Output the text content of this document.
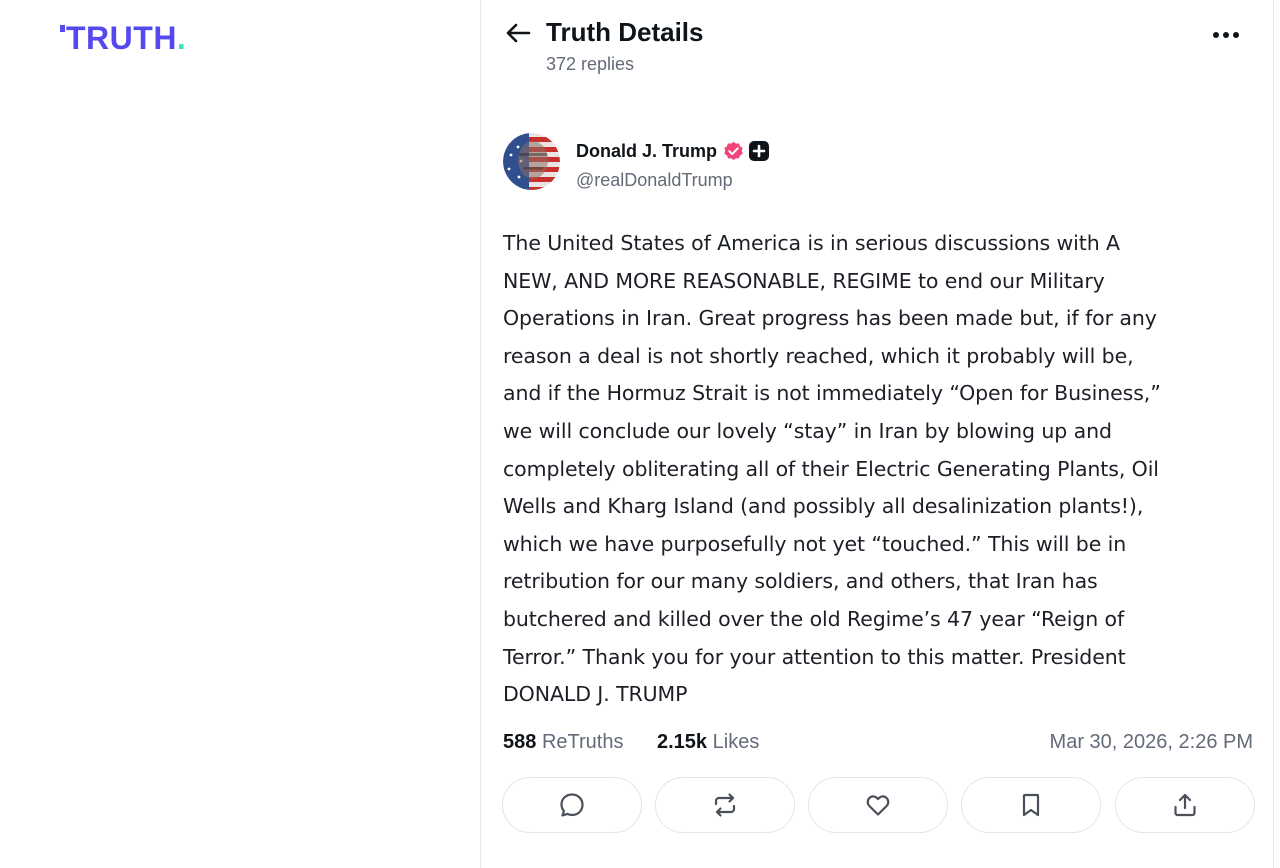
TRUTH.	Truth Details
372 replies
Donald J. Trump
@realDonaldTrump
The United States of America is in serious discussions with A
NEW, AND MORE REASONABLE, REGIME to end our Military
Operations in Iran. Great progress has been made but, if for any
reason a deal is not shortly reached, which it probably will be,
and if the Hormuz Strait is not immediately “Open for Business,”
we will conclude our lovely “stay” in Iran by blowing up and
completely obliterating all of their Electric Generating Plants, Oil
Wells and Kharg Island (and possibly all desalinization plants!),
which we have purposefully not yet “touched.” This will be in
retribution for our many soldiers, and others, that Iran has
butchered and killed over the old Regime’s 47 year “Reign of
Terror.” Thank you for your attention to this matter. President
DONALD J. TRUMP
588 ReTruths 2.15k Likes	Mar 30, 2026, 2:26 PM
